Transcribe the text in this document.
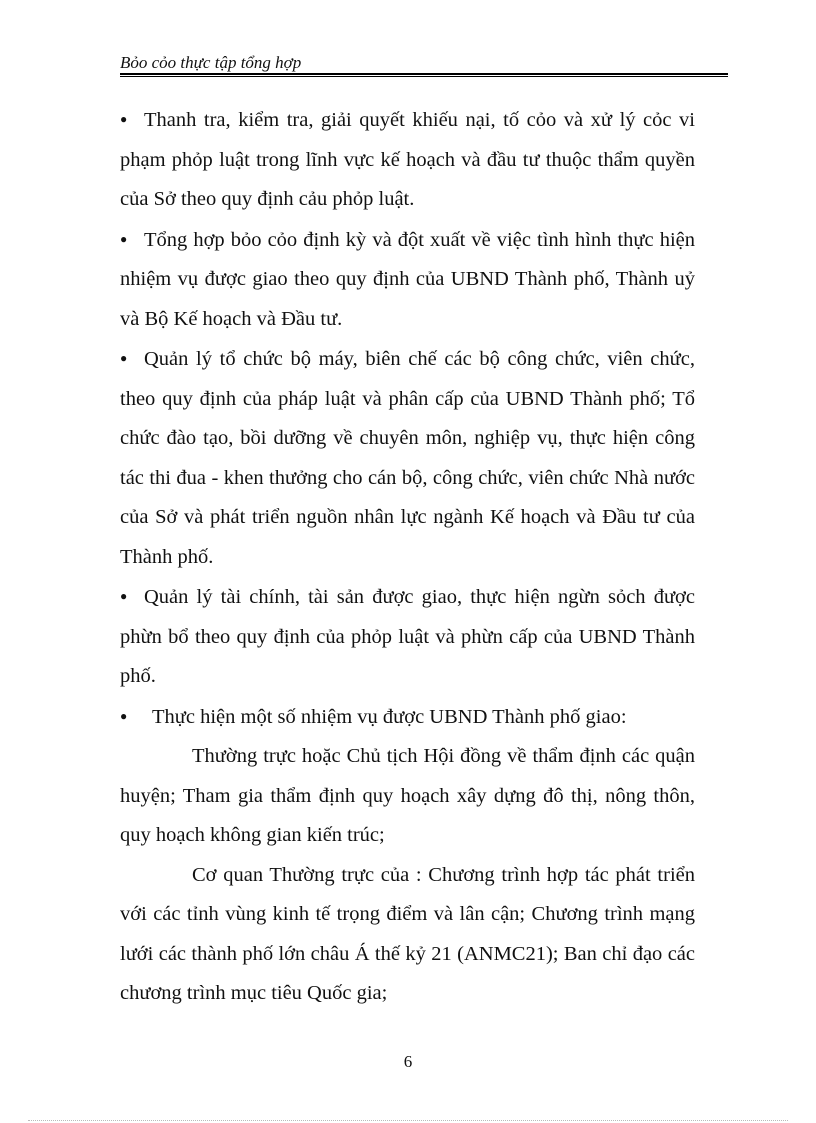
Bỏo cỏo thực tập tổng hợp

● Thanh tra, kiểm tra, giải quyết khiếu nại, tố cỏo và xử lý cỏc vi phạm phỏp luật trong lĩnh vực kế hoạch và đầu tư thuộc thẩm quyền của Sở theo quy định cảu phỏp luật.

● Tổng hợp bỏo cỏo định kỳ và đột xuất về việc tình hình thực hiện nhiệm vụ được giao theo quy định của UBND Thành phố, Thành uỷ và Bộ Kế hoạch và Đầu tư.

● Quản lý tổ chức bộ máy, biên chế các bộ công chức, viên chức, theo quy định của pháp luật và phân cấp của UBND Thành phố; Tổ chức đào tạo, bồi dưỡng về chuyên môn, nghiệp vụ, thực hiện công tác thi đua - khen thưởng cho cán bộ, công chức, viên chức Nhà nước của Sở và phát triển nguồn nhân lực ngành Kế hoạch và Đầu tư của Thành phố.

● Quản lý tài chính, tài sản được giao, thực hiện ngừn sỏch được phừn bổ theo quy định của phỏp luật và phừn cấp của UBND Thành phố.

● Thực hiện một số nhiệm vụ được UBND Thành phố giao:

Thường trực hoặc Chủ tịch Hội đồng về thẩm định các quận huyện; Tham gia thẩm định quy hoạch xây dựng đô thị, nông thôn, quy hoạch không gian kiến trúc;

Cơ quan Thường trực của : Chương trình hợp tác phát triển với các tỉnh vùng kinh tế trọng điểm và lân cận; Chương trình mạng lưới các thành phố lớn châu Á thế kỷ 21 (ANMC21); Ban chỉ đạo các chương trình mục tiêu Quốc gia;

6
